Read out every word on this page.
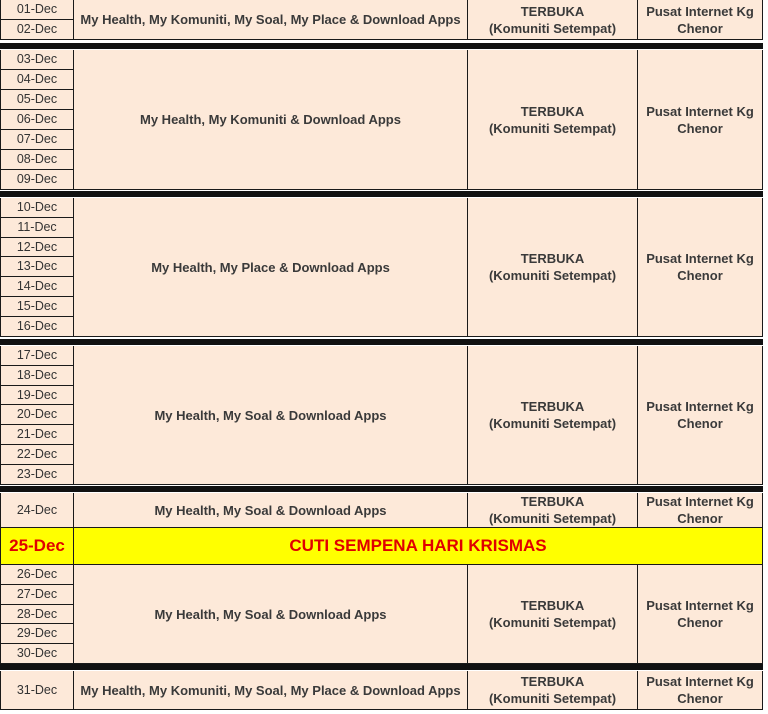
01-Dec
02-Dec
My Health, My Komuniti, My Soal, My Place & Download Apps
TERBUKA
(Komuniti Setempat)
Pusat Internet Kg Chenor
03-Dec
04-Dec
05-Dec
06-Dec
07-Dec
08-Dec
09-Dec
My Health, My Komuniti & Download Apps
TERBUKA
(Komuniti Setempat)
Pusat Internet Kg Chenor
10-Dec
11-Dec
12-Dec
13-Dec
14-Dec
15-Dec
16-Dec
My Health, My Place & Download Apps
TERBUKA
(Komuniti Setempat)
Pusat Internet Kg Chenor
17-Dec
18-Dec
19-Dec
20-Dec
21-Dec
22-Dec
23-Dec
My Health, My Soal & Download Apps
TERBUKA
(Komuniti Setempat)
Pusat Internet Kg Chenor
24-Dec	My Health, My Soal & Download Apps
TERBUKA
(Komuniti Setempat)
Pusat Internet Kg Chenor
25-Dec	CUTI SEMPENA HARI KRISMAS
26-Dec
27-Dec
28-Dec
29-Dec
30-Dec
My Health, My Soal & Download Apps
TERBUKA
(Komuniti Setempat)
Pusat Internet Kg Chenor
31-Dec My Health, My Komuniti, My Soal, My Place & Download Apps
TERBUKA
(Komuniti Setempat)
Pusat Internet Kg Chenor
